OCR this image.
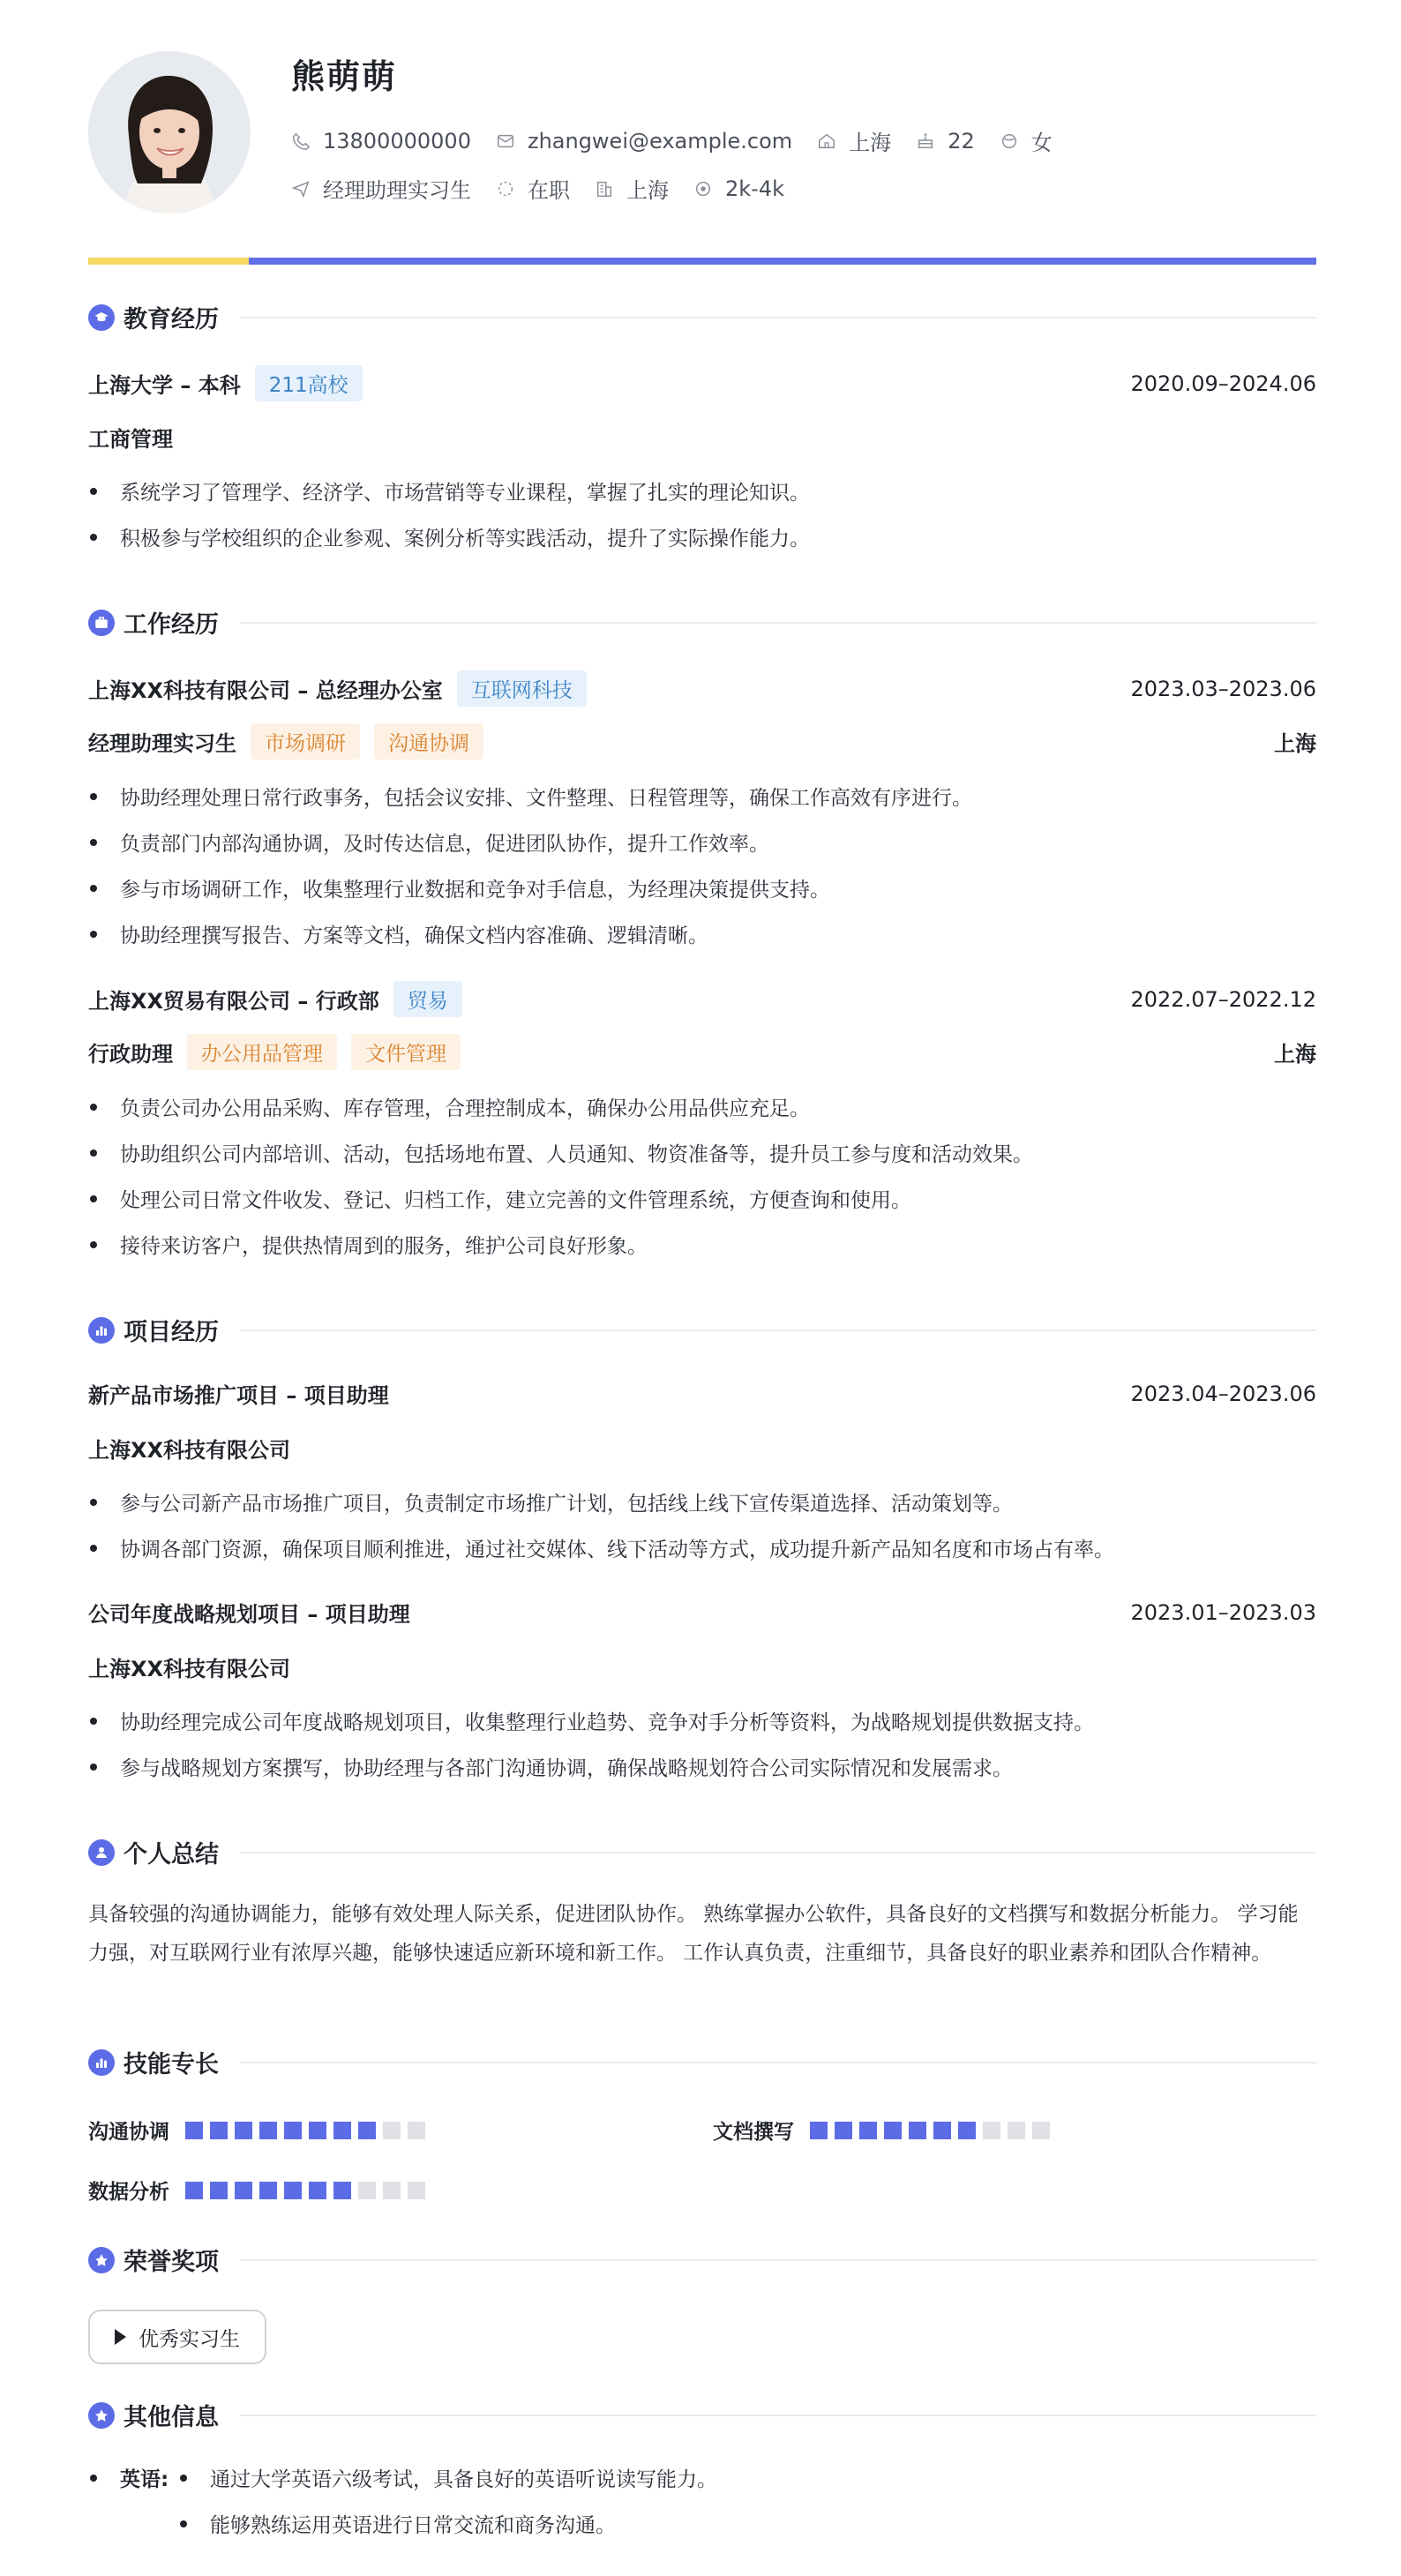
熊萌萌
13800000000	zhangwei@example.com	上海	22	女
经理助理实习生	在职	上海	2k-4k
教育经历
上海大学 – 本科	211高校	2020.09–2024.06
工商管理
系统学习了管理学、经济学、市场营销等专业课程，掌握了扎实的理论知识。
积极参与学校组织的企业参观、案例分析等实践活动，提升了实际操作能力。
工作经历
上海XX科技有限公司 – 总经理办公室	互联网科技	2023.03–2023.06
经理助理实习生	市场调研	沟通协调	上海
协助经理处理日常行政事务，包括会议安排、文件整理、日程管理等，确保工作高效有序进行。
负责部门内部沟通协调，及时传达信息，促进团队协作，提升工作效率。
参与市场调研工作，收集整理行业数据和竞争对手信息，为经理决策提供支持。
协助经理撰写报告、方案等文档，确保文档内容准确、逻辑清晰。
上海XX贸易有限公司 – 行政部	贸易	2022.07–2022.12
行政助理	办公用品管理	文件管理	上海
负责公司办公用品采购、库存管理，合理控制成本，确保办公用品供应充足。
协助组织公司内部培训、活动，包括场地布置、人员通知、物资准备等，提升员工参与度和活动效果。
处理公司日常文件收发、登记、归档工作，建立完善的文件管理系统，方便查询和使用。
接待来访客户，提供热情周到的服务，维护公司良好形象。
项目经历
新产品市场推广项目 – 项目助理	2023.04–2023.06
上海XX科技有限公司
参与公司新产品市场推广项目，负责制定市场推广计划，包括线上线下宣传渠道选择、活动策划等。
协调各部门资源，确保项目顺利推进，通过社交媒体、线下活动等方式，成功提升新产品知名度和市场占有率。
公司年度战略规划项目 – 项目助理	2023.01–2023.03
上海XX科技有限公司
协助经理完成公司年度战略规划项目，收集整理行业趋势、竞争对手分析等资料，为战略规划提供数据支持。
参与战略规划方案撰写，协助经理与各部门沟通协调，确保战略规划符合公司实际情况和发展需求。
个人总结
具备较强的沟通协调能力，能够有效处理人际关系，促进团队协作。 熟练掌握办公软件，具备良好的文档撰写和数据分析能力。 学习能力强，对互联网行业有浓厚兴趣，能够快速适应新环境和新工作。 工作认真负责，注重细节，具备良好的职业素养和团队合作精神。
技能专长
沟通协调	文档撰写
数据分析
荣誉奖项
优秀实习生
其他信息
英语: 通过大学英语六级考试，具备良好的英语听说读写能力。
能够熟练运用英语进行日常交流和商务沟通。
